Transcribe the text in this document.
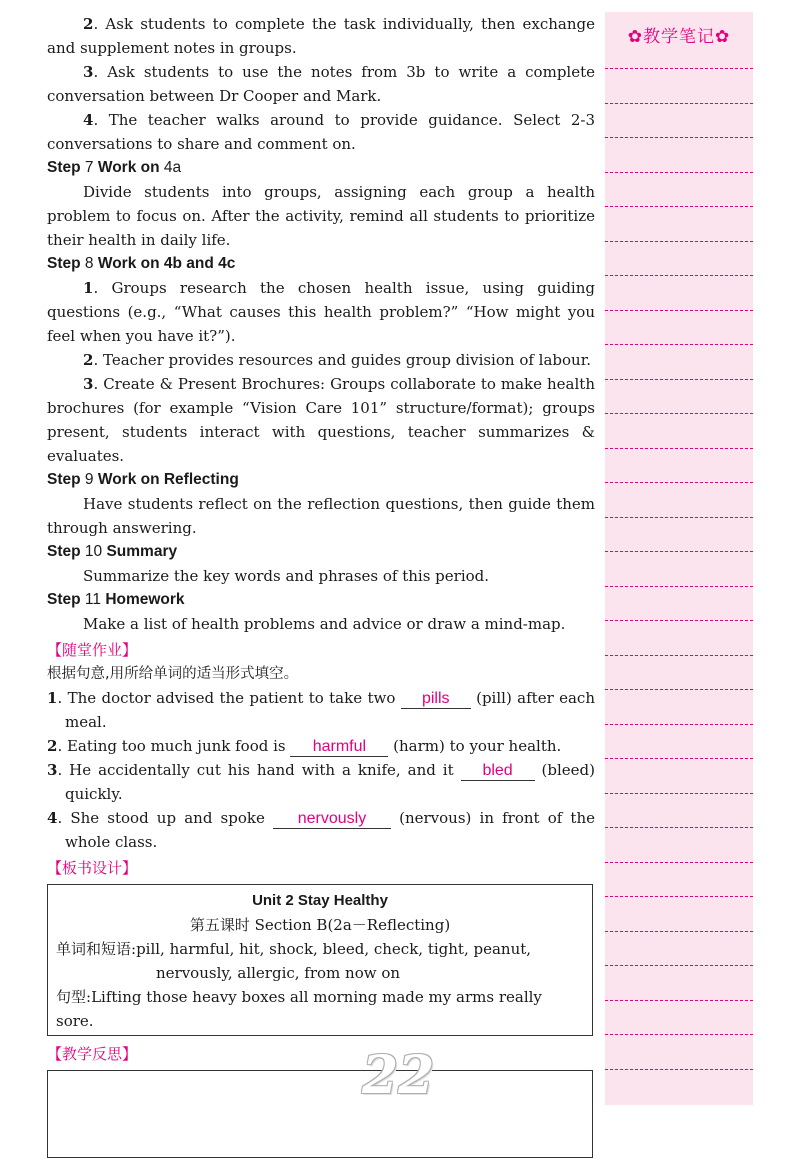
2. Ask students to complete the task individually, then exchange and supplement notes in groups.
3. Ask students to use the notes from 3b to write a complete conversation between Dr Cooper and Mark.
4. The teacher walks around to provide guidance. Select 2-3 conversations to share and comment on.
Step 7 Work on 4a
Divide students into groups, assigning each group a health problem to focus on. After the activity, remind all students to prioritize their health in daily life.
Step 8 Work on 4b and 4c
1. Groups research the chosen health issue, using guiding questions (e.g., “What causes this health problem?” “How might you feel when you have it?”).
2. Teacher provides resources and guides group division of labour.
3. Create & Present Brochures: Groups collaborate to make health brochures (for example “Vision Care 101” structure/format); groups present, students interact with questions, teacher summarizes & evaluates.
Step 9 Work on Reflecting
Have students reflect on the reflection questions, then guide them through answering.
Step 10 Summary
Summarize the key words and phrases of this period.
Step 11 Homework
Make a list of health problems and advice or draw a mind-map.
【随堂作业】
根据句意,用所给单词的适当形式填空。
1. The doctor advised the patient to take two pills (pill) after each meal.
2. Eating too much junk food is harmful (harm) to your health.
3. He accidentally cut his hand with a knife, and it bled (bleed) quickly.
4. She stood up and spoke nervously (nervous) in front of the whole class.
【板书设计】
Unit 2 Stay Healthy
第五课时 Section B(2a－Reflecting)
单词和短语:pill, harmful, hit, shock, bleed, check, tight, peanut, nervously, allergic, from now on
句型:Lifting those heavy boxes all morning made my arms really sore.
【教学反思】	22
✿教学笔记✿
